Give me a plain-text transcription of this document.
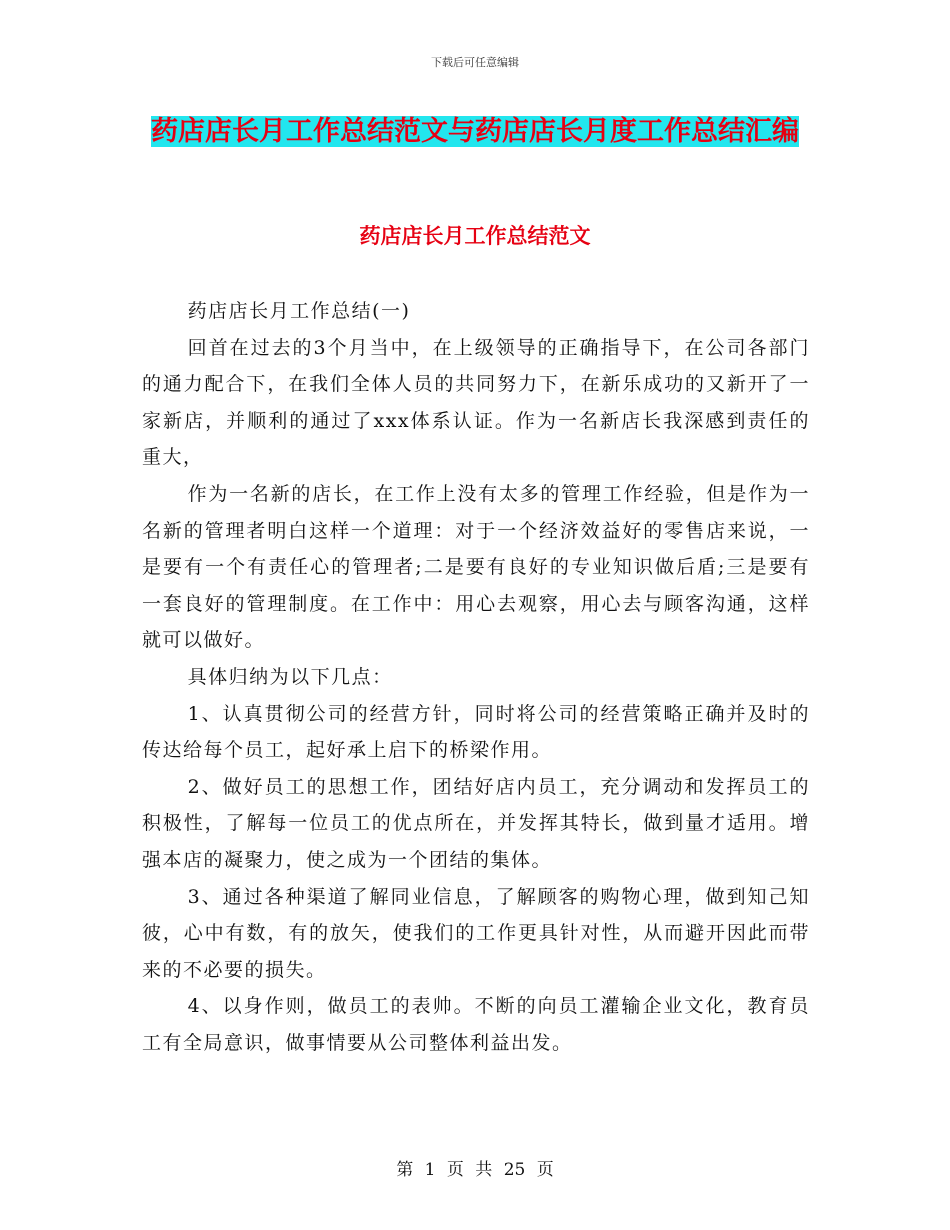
下载后可任意编辑
药店店长月工作总结范文与药店店长月度工作总结汇编
药店店长月工作总结范文

药店店长月工作总结(一)

回首在过去的3个月当中，在上级领导的正确指导下，在公司各部门的通力配合下，在我们全体人员的共同努力下，在新乐成功的又新开了一家新店，并顺利的通过了xxx体系认证。作为一名新店长我深感到责任的重大，

作为一名新的店长，在工作上没有太多的管理工作经验，但是作为一名新的管理者明白这样一个道理：对于一个经济效益好的零售店来说，一是要有一个有责任心的管理者;二是要有良好的专业知识做后盾;三是要有一套良好的管理制度。在工作中：用心去观察，用心去与顾客沟通，这样就可以做好。

具体归纳为以下几点：

1、认真贯彻公司的经营方针，同时将公司的经营策略正确并及时的传达给每个员工，起好承上启下的桥梁作用。

2、做好员工的思想工作，团结好店内员工，充分调动和发挥员工的积极性，了解每一位员工的优点所在，并发挥其特长，做到量才适用。增强本店的凝聚力，使之成为一个团结的集体。

3、通过各种渠道了解同业信息，了解顾客的购物心理，做到知己知彼，心中有数，有的放矢，使我们的工作更具针对性，从而避开因此而带来的不必要的损失。

4、以身作则，做员工的表帅。不断的向员工灌输企业文化，教育员工有全局意识，做事情要从公司整体利益出发。

第 1 页 共 25 页
